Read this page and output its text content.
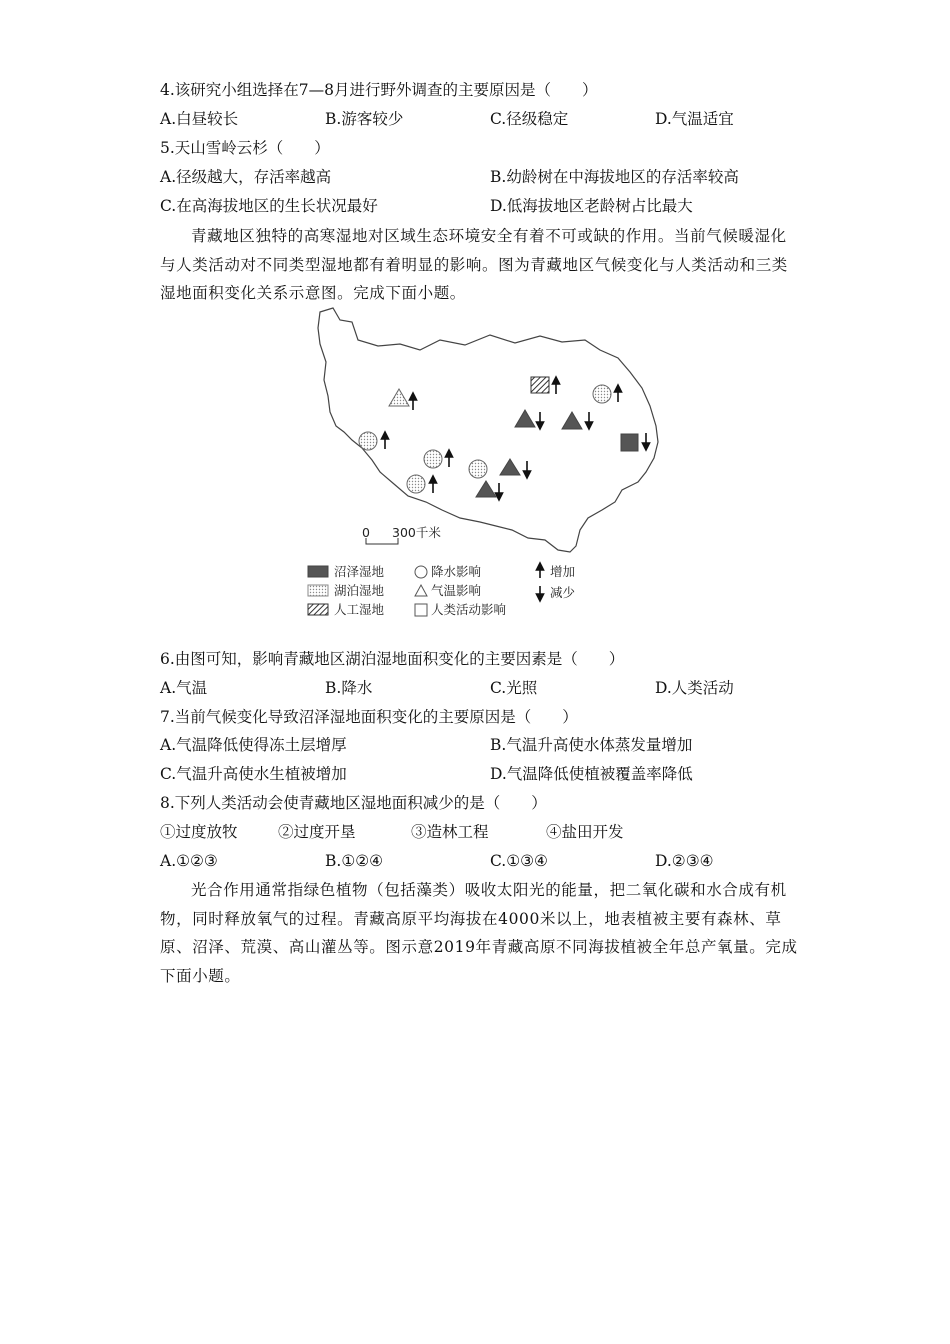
4.该研究小组选择在7—8月进行野外调查的主要原因是（　　）
A.白昼较长	B.游客较少	C.径级稳定	D.气温适宜
5.天山雪岭云杉（　　）
A.径级越大，存活率越高	B.幼龄树在中海拔地区的存活率较高
C.在高海拔地区的生长状况最好	D.低海拔地区老龄树占比最大
青藏地区独特的高寒湿地对区域生态环境安全有着不可或缺的作用。当前气候暖湿化与人类活动对不同类型湿地都有着明显的影响。图为青藏地区气候变化与人类活动和三类湿地面积变化关系示意图。完成下面小题。
0 300千米
沼泽湿地
湖泊湿地
人工湿地
降水影响
气温影响
人类活动影响
增加
减少
6.由图可知，影响青藏地区湖泊湿地面积变化的主要因素是（　　）
A.气温	B.降水	C.光照	D.人类活动
7.当前气候变化导致沼泽湿地面积变化的主要原因是（　　）
A.气温降低使得冻土层增厚	B.气温升高使水体蒸发量增加
C.气温升高使水生植被增加	D.气温降低使植被覆盖率降低
8.下列人类活动会使青藏地区湿地面积减少的是（　　）
①过度放牧	②过度开垦	③造林工程	④盐田开发
A.①②③	B.①②④	C.①③④	D.②③④
光合作用通常指绿色植物（包括藻类）吸收太阳光的能量，把二氧化碳和水合成有机物，同时释放氧气的过程。青藏高原平均海拔在4000米以上，地表植被主要有森林、草原、沼泽、荒漠、高山灌丛等。图示意2019年青藏高原不同海拔植被全年总产氧量。完成下面小题。
